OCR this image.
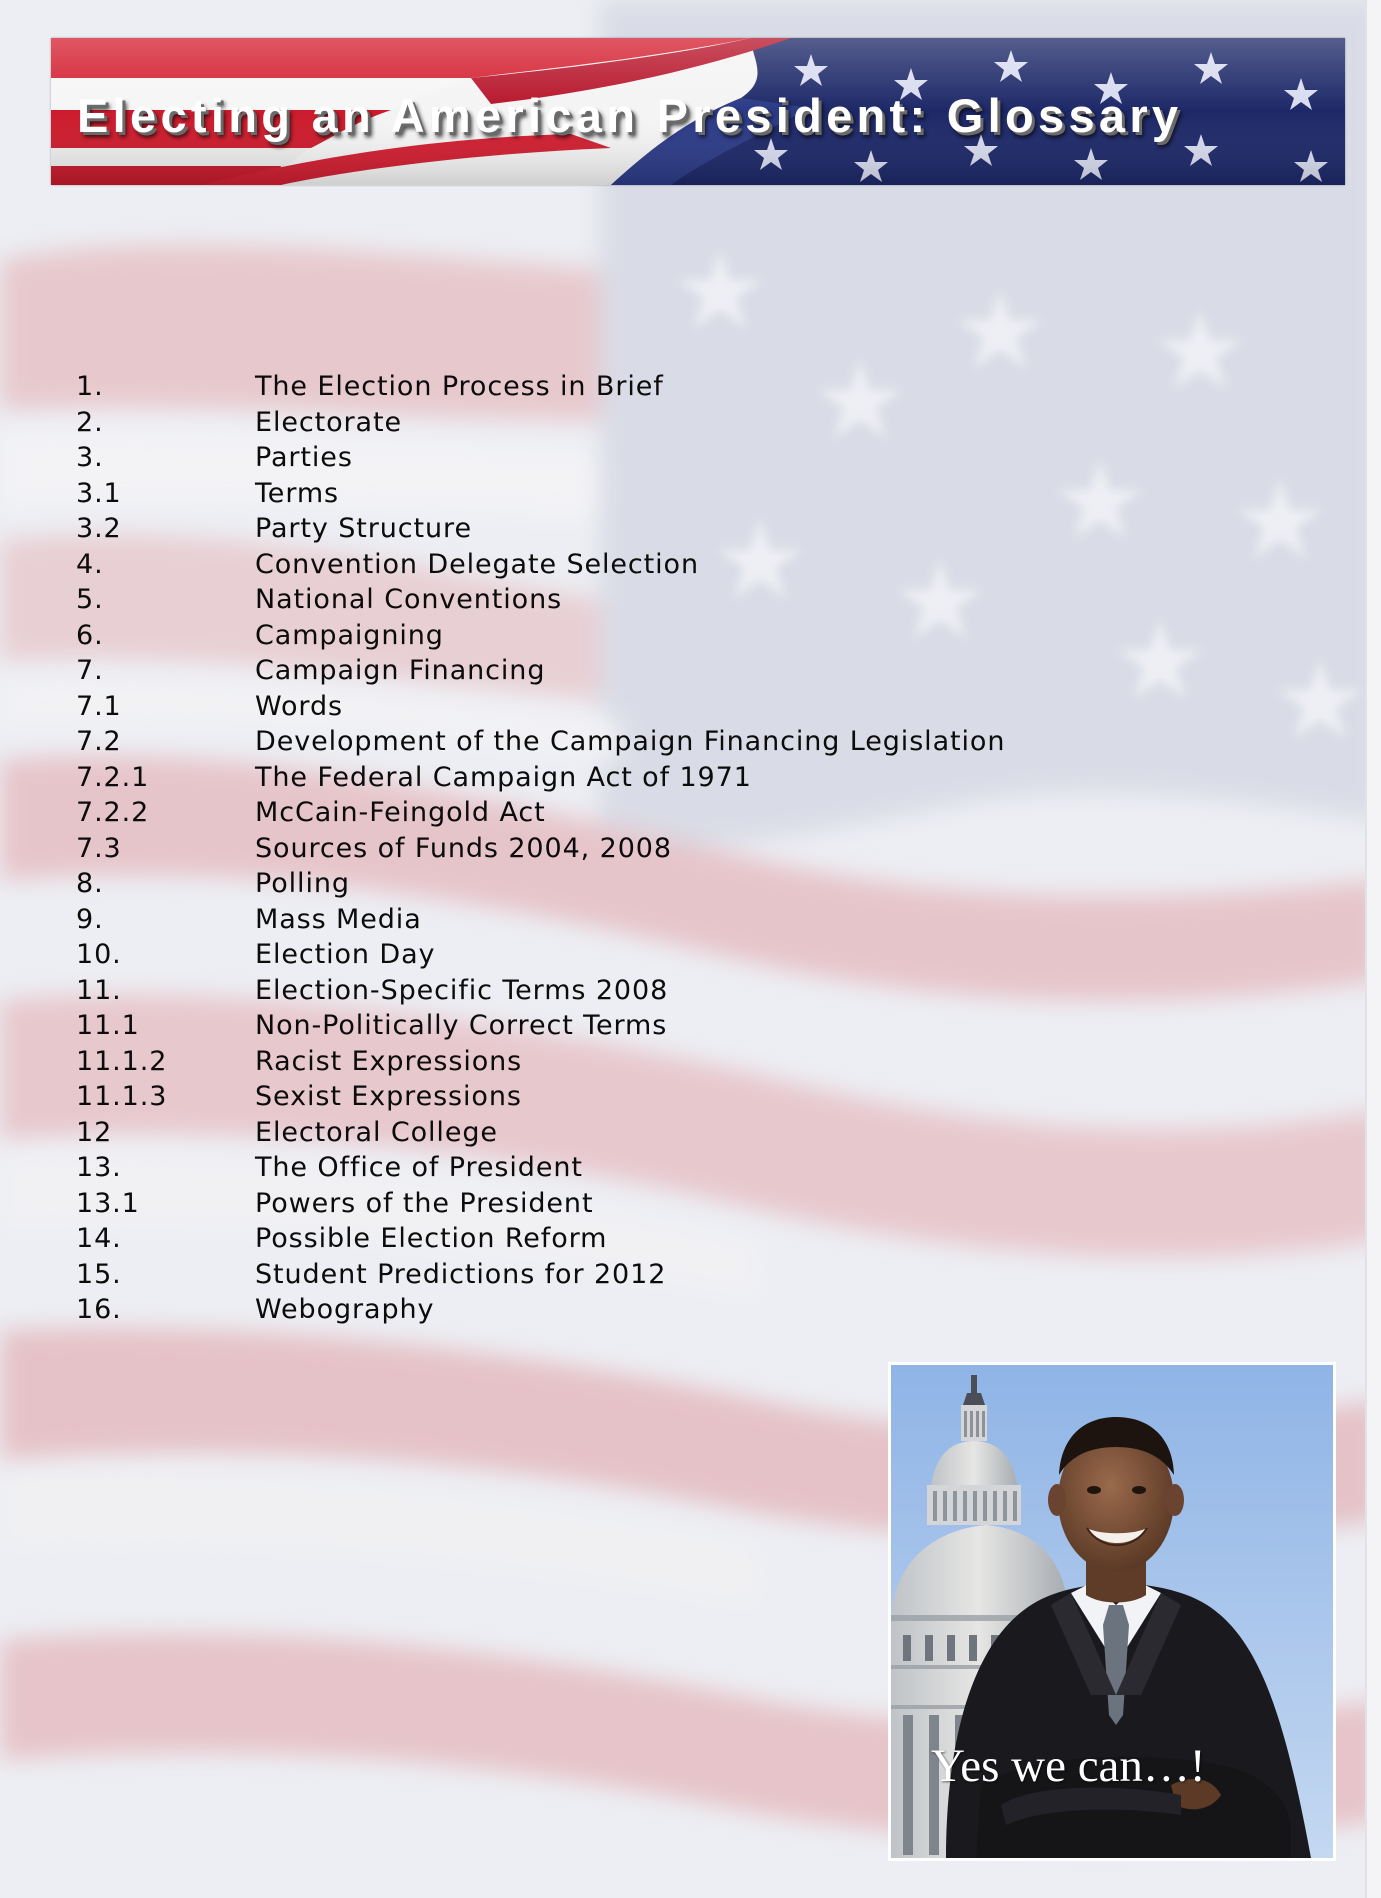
Electing an American President: Glossary
1.	The Election Process in Brief
2.	Electorate
3.	Parties
3.1	Terms
3.2	Party Structure
4.	Convention Delegate Selection
5.	National Conventions
6.	Campaigning
7.	Campaign Financing
7.1	Words
7.2	Development of the Campaign Financing Legislation
7.2.1	The Federal Campaign Act of 1971
7.2.2	McCain-Feingold Act
7.3	Sources of Funds 2004, 2008
8.	Polling
9.	Mass Media
10.	Election Day
11.	Election-Specific Terms 2008
11.1	Non-Politically Correct Terms
11.1.2	Racist Expressions
11.1.3	Sexist Expressions
12	Electoral College
13.	The Office of President
13.1	Powers of the President
14.	Possible Election Reform
15.	Student Predictions for 2012
16.	Webography
Yes we can…!
